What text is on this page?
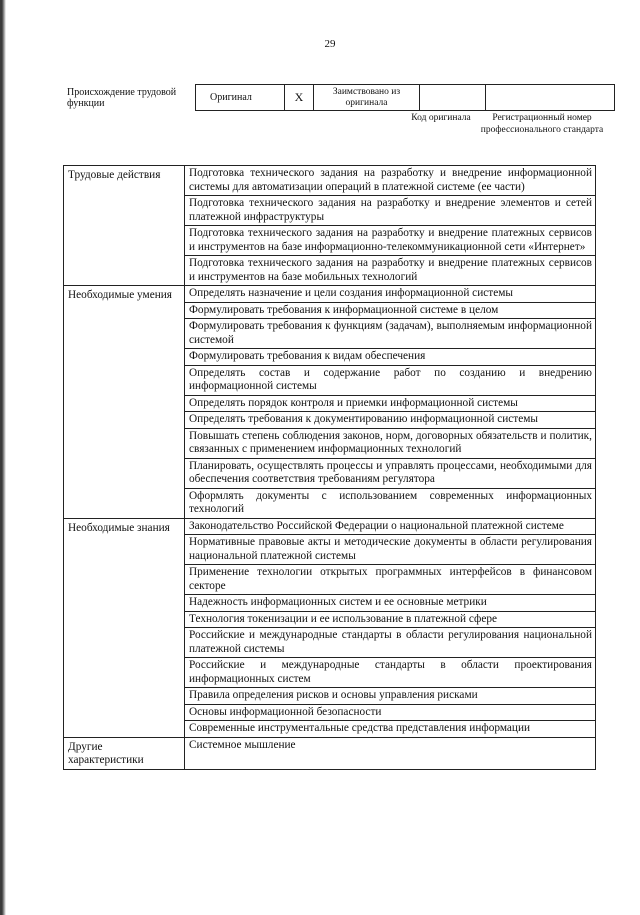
29
Происхождение трудовой функции
Оригинал	X	Заимствовано из оригинала		
Код оригинала	Регистрационный номер профессионального стандарта
Трудовые действия	Подготовка технического задания на разработку и внедрение информационной системы для автоматизации операций в платежной системе (ее части)
	Подготовка технического задания на разработку и внедрение элементов и сетей платежной инфраструктуры
	Подготовка технического задания на разработку и внедрение платежных сервисов и инструментов на базе информационно-телекоммуникационной сети «Интернет»
	Подготовка технического задания на разработку и внедрение платежных сервисов и инструментов на базе мобильных технологий
Необходимые умения	Определять назначение и цели создания информационной системы
	Формулировать требования к информационной системе в целом
	Формулировать требования к функциям (задачам), выполняемым информационной системой
	Формулировать требования к видам обеспечения
	Определять состав и содержание работ по созданию и внедрению информационной системы
	Определять порядок контроля и приемки информационной системы
	Определять требования к документированию информационной системы
	Повышать степень соблюдения законов, норм, договорных обязательств и политик, связанных с применением информационных технологий
	Планировать, осуществлять процессы и управлять процессами, необходимыми для обеспечения соответствия требованиям регулятора
	Оформлять документы с использованием современных информационных технологий
Необходимые знания	Законодательство Российской Федерации о национальной платежной системе
	Нормативные правовые акты и методические документы в области регулирования национальной платежной системы
	Применение технологии открытых программных интерфейсов в финансовом секторе
	Надежность информационных систем и ее основные метрики
	Технология токенизации и ее использование в платежной сфере
	Российские и международные стандарты в области регулирования национальной платежной системы
	Российские и международные стандарты в области проектирования информационных систем
	Правила определения рисков и основы управления рисками
	Основы информационной безопасности
	Современные инструментальные средства представления информации
Другие характеристики	Системное мышление
